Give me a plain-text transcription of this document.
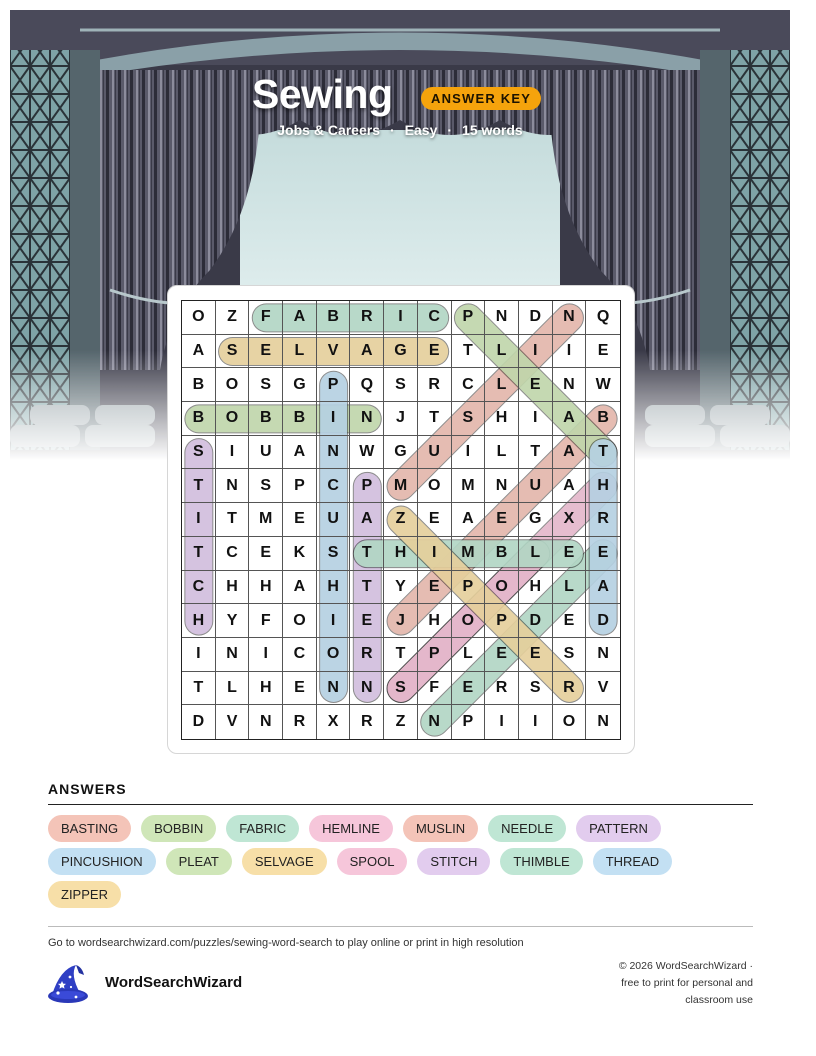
Sewing	ANSWER KEY
Jobs & Careers · Easy · 15 words
O	Z	F	A	B	R	I	C	P	N	D	N	Q
A	S	E	L	V	A	G	E	T	L	I	I	E
B	O	S	G	P	Q	S	R	C	L	E	N	W
B	O	B	B	I	N	J	T	S	H	I	A	B
S	I	U	A	N	W	G	U	I	L	T	A	T
T	N	S	P	C	P	M	O	M	N	U	A	H
I	T	M	E	U	A	Z	E	A	E	G	X	R
T	C	E	K	S	T	H	I	M	B	L	E	E
C	H	H	A	H	T	Y	E	P	O	H	L	A
H	Y	F	O	I	E	J	H	O	P	D	E	D
I	N	I	C	O	R	T	P	L	E	E	S	N
T	L	H	E	N	N	S	F	E	R	S	R	V
D	V	N	R	X	R	Z	N	P	I	I	O	N
ANSWERS
BASTING	BOBBIN	FABRIC	HEMLINE	MUSLIN	NEEDLE	PATTERN
PINCUSHION	PLEAT	SELVAGE	SPOOL	STITCH	THIMBLE	THREAD
ZIPPER
Go to wordsearchwizard.com/puzzles/sewing-word-search to play online or print in high resolution
WordSearchWizard
© 2026 WordSearchWizard ·
free to print for personal and
classroom use
